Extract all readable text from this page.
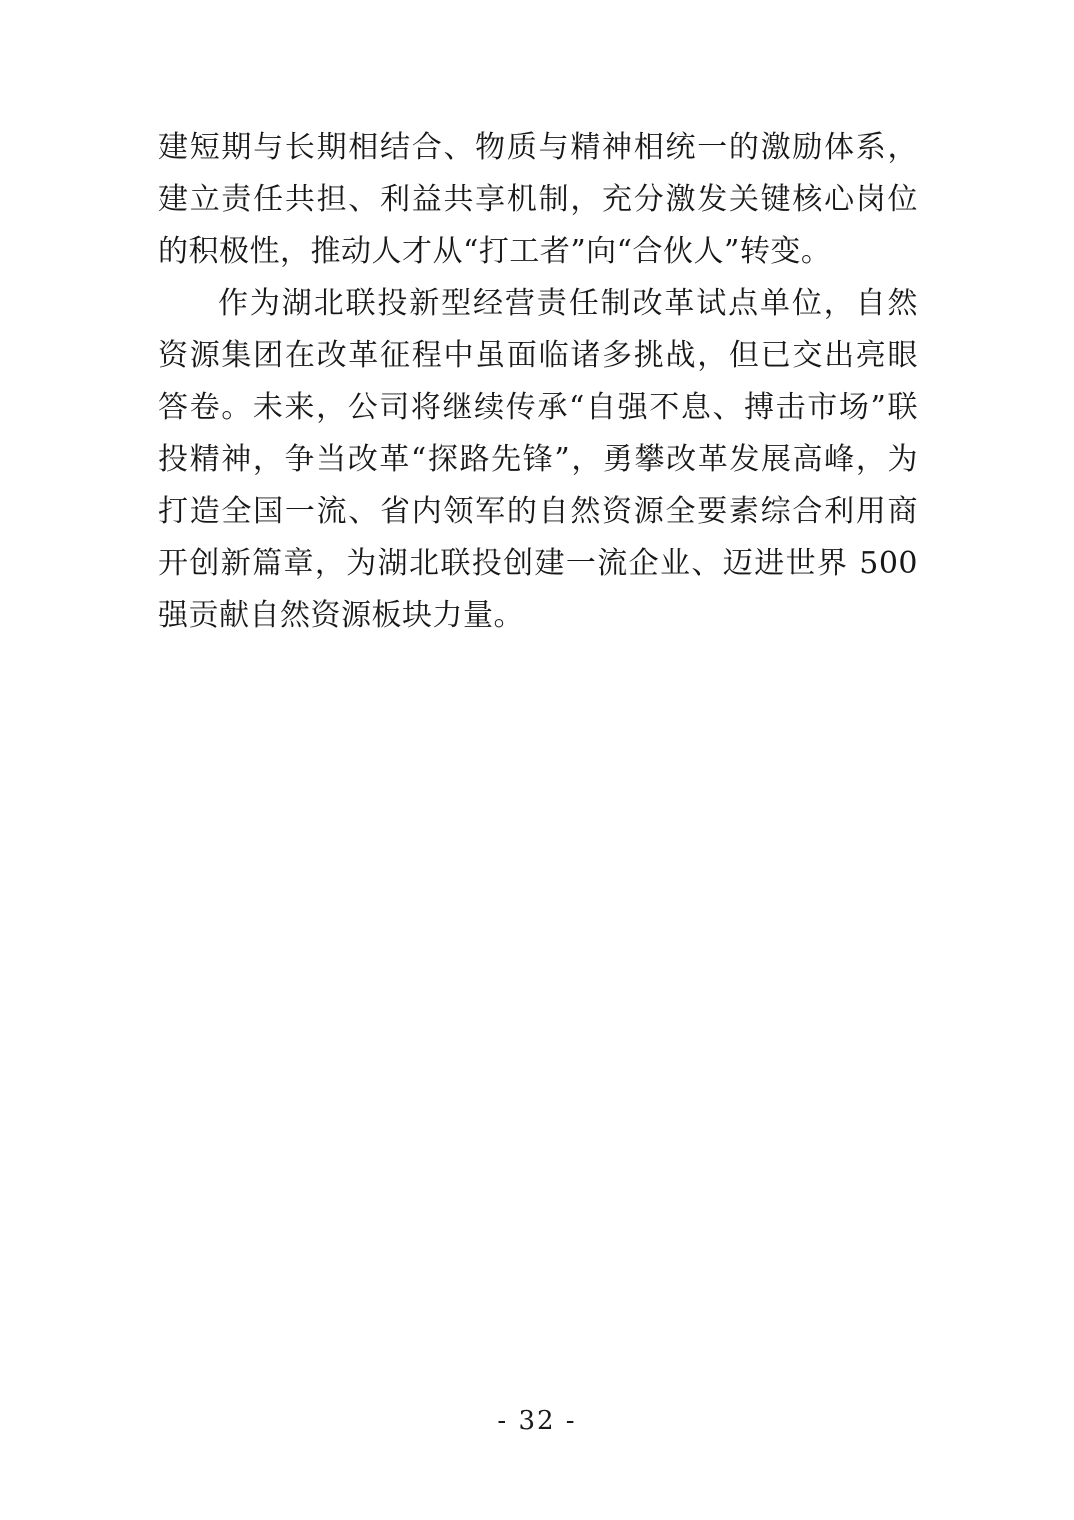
建短期与长期相结合、物质与精神相统一的激励体系，建立责任共担、利益共享机制，充分激发关键核心岗位的积极性，推动人才从“打工者”向“合伙人”转变。

作为湖北联投新型经营责任制改革试点单位，自然资源集团在改革征程中虽面临诸多挑战，但已交出亮眼答卷。未来，公司将继续传承“自强不息、搏击市场”联投精神，争当改革“探路先锋”，勇攀改革发展高峰，为打造全国一流、省内领军的自然资源全要素综合利用商开创新篇章，为湖北联投创建一流企业、迈进世界 500 强贡献自然资源板块力量。

- 32 -
